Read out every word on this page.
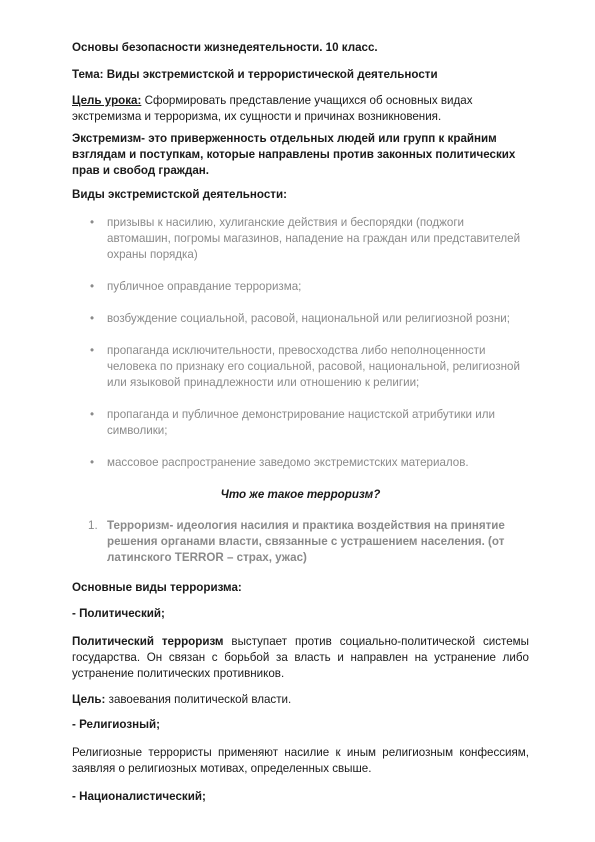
Основы безопасности жизнедеятельности. 10 класс.

Тема: Виды экстремистской и террористической деятельности

Цель урока: Сформировать представление учащихся об основных видах экстремизма и терроризма, их сущности и причинах возникновения.

Экстремизм- это приверженность отдельных людей или групп к крайним взглядам и поступкам, которые направлены против законных политических прав и свобод граждан.

Виды экстремистской деятельности:

• призывы к насилию, хулиганские действия и беспорядки (поджоги автомашин, погромы магазинов, нападение на граждан или представителей охраны порядка)
• публичное оправдание терроризма;
• возбуждение социальной, расовой, национальной или религиозной розни;
• пропаганда исключительности, превосходства либо неполноценности человека по признаку его социальной, расовой, национальной, религиозной или языковой принадлежности или отношению к религии;
• пропаганда и публичное демонстрирование нацистской атрибутики или символики;
• массовое распространение заведомо экстремистских материалов.

Что же такое терроризм?

1. Терроризм- идеология насилия и практика воздействия на принятие решения органами власти, связанные с устрашением населения. (от латинского TERROR – страх, ужас)

Основные виды терроризма:

- Политический;

Политический терроризм выступает против социально-политической системы государства. Он связан с борьбой за власть и направлен на устранение либо устранение политических противников.

Цель: завоевания политической власти.

- Религиозный;

Религиозные террористы применяют насилие к иным религиозным конфессиям, заявляя о религиозных мотивах, определенных свыше.

- Националистический;
